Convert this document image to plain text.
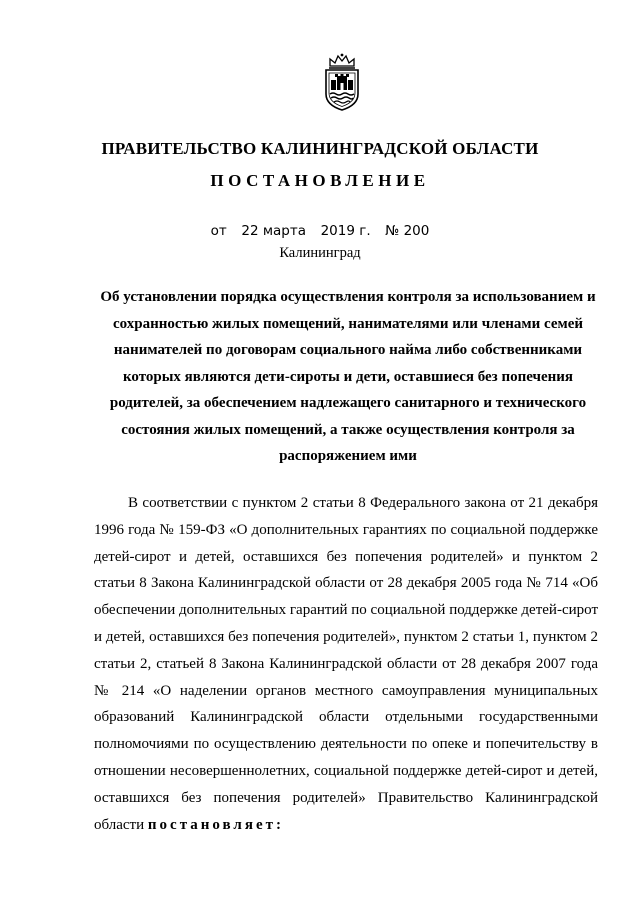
ПРАВИТЕЛЬСТВО КАЛИНИНГРАДСКОЙ ОБЛАСТИ
ПОСТАНОВЛЕНИЕ
от 22 марта 2019 г. № 200
Калининград
Об установлении порядка осуществления контроля за использованием и сохранностью жилых помещений, нанимателями или членами семей нанимателей по договорам социального найма либо собственниками которых являются дети-сироты и дети, оставшиеся без попечения родителей, за обеспечением надлежащего санитарного и технического состояния жилых помещений, а также осуществления контроля за распоряжением ими

В соответствии с пунктом 2 статьи 8 Федерального закона от 21 декабря 1996 года № 159-ФЗ «О дополнительных гарантиях по социальной поддержке детей-сирот и детей, оставшихся без попечения родителей» и пунктом 2 статьи 8 Закона Калининградской области от 28 декабря 2005 года № 714 «Об обеспечении дополнительных гарантий по социальной поддержке детей-сирот и детей, оставшихся без попечения родителей», пунктом 2 статьи 1, пунктом 2 статьи 2, статьей 8 Закона Калининградской области от 28 декабря 2007 года № 214 «О наделении органов местного самоуправления муниципальных образований Калининградской области отдельными государственными полномочиями по осуществлению деятельности по опеке и попечительству в отношении несовершеннолетних, социальной поддержке детей-сирот и детей, оставшихся без попечения родителей» Правительство Калининградской области постановляет:
